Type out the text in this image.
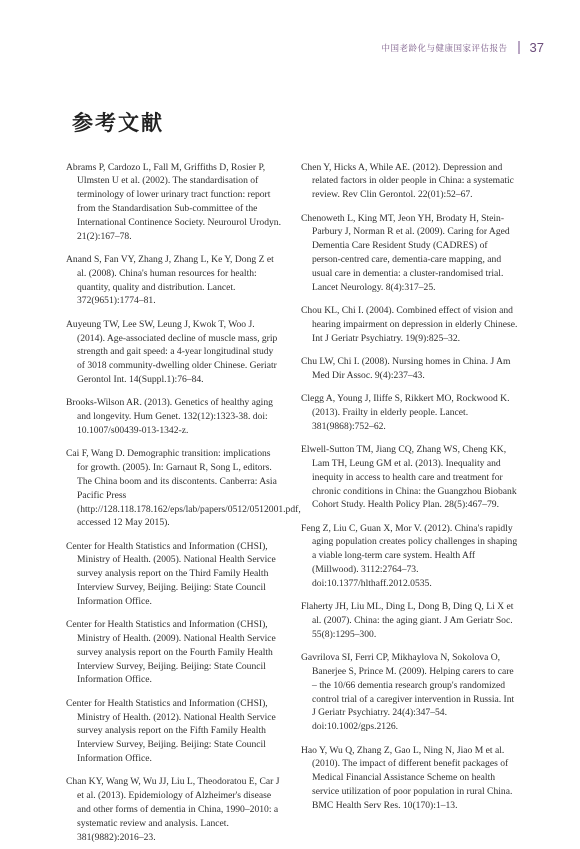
中国老龄化与健康国家评估报告 37
参考文献

Abrams P, Cardozo L, Fall M, Griffiths D, Rosier P, Ulmsten U et al. (2002). The standardisation of terminology of lower urinary tract function: report from the Standardisation Sub-committee of the International Continence Society. Neurourol Urodyn. 21(2):167–78.

Anand S, Fan VY, Zhang J, Zhang L, Ke Y, Dong Z et al. (2008). China's human resources for health: quantity, quality and distribution. Lancet. 372(9651):1774–81.

Auyeung TW, Lee SW, Leung J, Kwok T, Woo J. (2014). Age-associated decline of muscle mass, grip strength and gait speed: a 4-year longitudinal study of 3018 community-dwelling older Chinese. Geriatr Gerontol Int. 14(Suppl.1):76–84.

Brooks-Wilson AR. (2013). Genetics of healthy aging and longevity. Hum Genet. 132(12):1323-38. doi: 10.1007/s00439-013-1342-z.

Cai F, Wang D. Demographic transition: implications for growth. (2005). In: Garnaut R, Song L, editors. The China boom and its discontents. Canberra: Asia Pacific Press (http://128.118.178.162/eps/lab/papers/0512/0512001.pdf, accessed 12 May 2015).

Center for Health Statistics and Information (CHSI), Ministry of Health. (2005). National Health Service survey analysis report on the Third Family Health Interview Survey, Beijing. Beijing: State Council Information Office.

Center for Health Statistics and Information (CHSI), Ministry of Health. (2009). National Health Service survey analysis report on the Fourth Family Health Interview Survey, Beijing. Beijing: State Council Information Office.

Center for Health Statistics and Information (CHSI), Ministry of Health. (2012). National Health Service survey analysis report on the Fifth Family Health Interview Survey, Beijing. Beijing: State Council Information Office.

Chan KY, Wang W, Wu JJ, Liu L, Theodoratou E, Car J et al. (2013). Epidemiology of Alzheimer's disease and other forms of dementia in China, 1990–2010: a systematic review and analysis. Lancet. 381(9882):2016–23.

Chen Y, Hicks A, While AE. (2012). Depression and related factors in older people in China: a systematic review. Rev Clin Gerontol. 22(01):52–67.

Chenoweth L, King MT, Jeon YH, Brodaty H, Stein-Parbury J, Norman R et al. (2009). Caring for Aged Dementia Care Resident Study (CADRES) of person-centred care, dementia-care mapping, and usual care in dementia: a cluster-randomised trial. Lancet Neurology. 8(4):317–25.

Chou KL, Chi I. (2004). Combined effect of vision and hearing impairment on depression in elderly Chinese. Int J Geriatr Psychiatry. 19(9):825–32.

Chu LW, Chi I. (2008). Nursing homes in China. J Am Med Dir Assoc. 9(4):237–43.

Clegg A, Young J, Iliffe S, Rikkert MO, Rockwood K. (2013). Frailty in elderly people. Lancet. 381(9868):752–62.

Elwell-Sutton TM, Jiang CQ, Zhang WS, Cheng KK, Lam TH, Leung GM et al. (2013). Inequality and inequity in access to health care and treatment for chronic conditions in China: the Guangzhou Biobank Cohort Study. Health Policy Plan. 28(5):467–79.

Feng Z, Liu C, Guan X, Mor V. (2012). China's rapidly aging population creates policy challenges in shaping a viable long-term care system. Health Aff (Millwood). 3112:2764–73. doi:10.1377/hlthaff.2012.0535.

Flaherty JH, Liu ML, Ding L, Dong B, Ding Q, Li X et al. (2007). China: the aging giant. J Am Geriatr Soc. 55(8):1295–300.

Gavrilova SI, Ferri CP, Mikhaylova N, Sokolova O, Banerjee S, Prince M. (2009). Helping carers to care – the 10/66 dementia research group's randomized control trial of a caregiver intervention in Russia. Int J Geriatr Psychiatry. 24(4):347–54. doi:10.1002/gps.2126.

Hao Y, Wu Q, Zhang Z, Gao L, Ning N, Jiao M et al. (2010). The impact of different benefit packages of Medical Financial Assistance Scheme on health service utilization of poor population in rural China. BMC Health Serv Res. 10(170):1–13.
